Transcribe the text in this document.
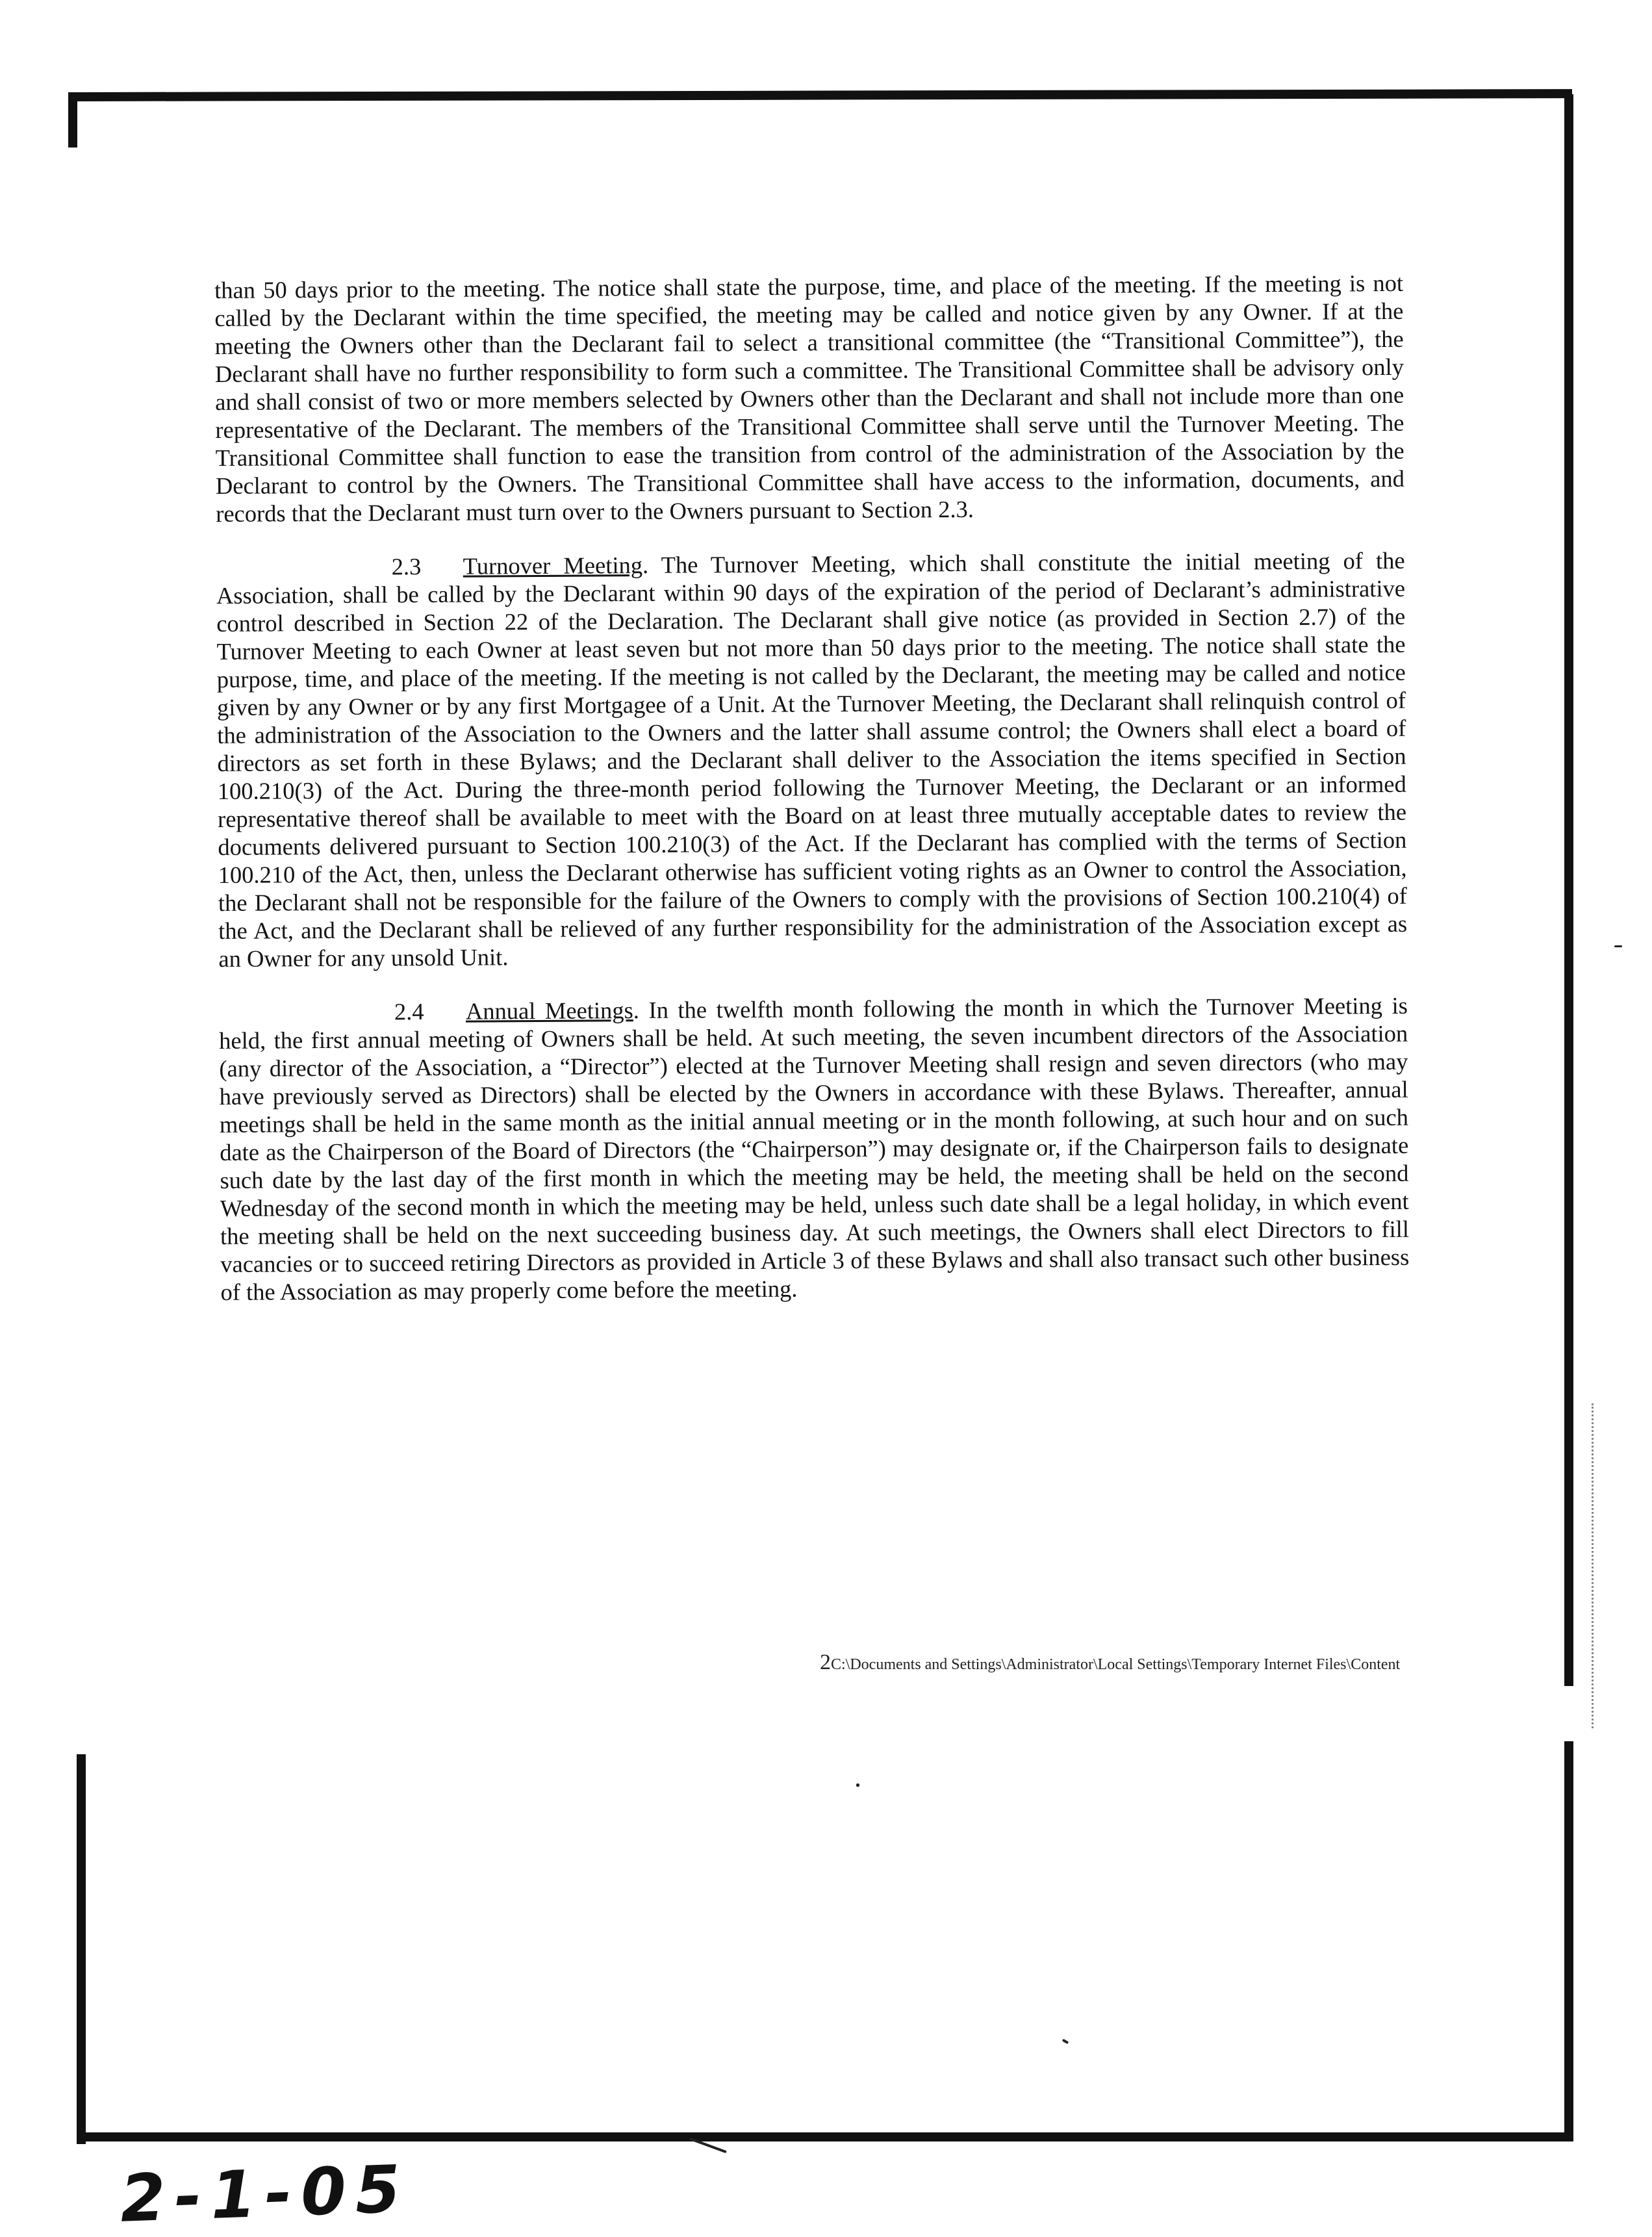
than 50 days prior to the meeting. The notice shall state the purpose, time, and place of the meeting. If the meeting is not called by the Declarant within the time specified, the meeting may be called and notice given by any Owner. If at the meeting the Owners other than the Declarant fail to select a transitional committee (the “Transitional Committee”), the Declarant shall have no further responsibility to form such a committee. The Transitional Committee shall be advisory only and shall consist of two or more members selected by Owners other than the Declarant and shall not include more than one representative of the Declarant. The members of the Transitional Committee shall serve until the Turnover Meeting. The Transitional Committee shall function to ease the transition from control of the administration of the Association by the Declarant to control by the Owners. The Transitional Committee shall have access to the information, documents, and records that the Declarant must turn over to the Owners pursuant to Section 2.3.

2.3 Turnover Meeting. The Turnover Meeting, which shall constitute the initial meeting of the Association, shall be called by the Declarant within 90 days of the expiration of the period of Declarant’s administrative control described in Section 22 of the Declaration. The Declarant shall give notice (as provided in Section 2.7) of the Turnover Meeting to each Owner at least seven but not more than 50 days prior to the meeting. The notice shall state the purpose, time, and place of the meeting. If the meeting is not called by the Declarant, the meeting may be called and notice given by any Owner or by any first Mortgagee of a Unit. At the Turnover Meeting, the Declarant shall relinquish control of the administration of the Association to the Owners and the latter shall assume control; the Owners shall elect a board of directors as set forth in these Bylaws; and the Declarant shall deliver to the Association the items specified in Section 100.210(3) of the Act. During the three-month period following the Turnover Meeting, the Declarant or an informed representative thereof shall be available to meet with the Board on at least three mutually acceptable dates to review the documents delivered pursuant to Section 100.210(3) of the Act. If the Declarant has complied with the terms of Section 100.210 of the Act, then, unless the Declarant otherwise has sufficient voting rights as an Owner to control the Association, the Declarant shall not be responsible for the failure of the Owners to comply with the provisions of Section 100.210(4) of the Act, and the Declarant shall be relieved of any further responsibility for the administration of the Association except as an Owner for any unsold Unit.

2.4 Annual Meetings. In the twelfth month following the month in which the Turnover Meeting is held, the first annual meeting of Owners shall be held. At such meeting, the seven incumbent directors of the Association (any director of the Association, a “Director”) elected at the Turnover Meeting shall resign and seven directors (who may have previously served as Directors) shall be elected by the Owners in accordance with these Bylaws. Thereafter, annual meetings shall be held in the same month as the initial annual meeting or in the month following, at such hour and on such date as the Chairperson of the Board of Directors (the “Chairperson”) may designate or, if the Chairperson fails to designate such date by the last day of the first month in which the meeting may be held, the meeting shall be held on the second Wednesday of the second month in which the meeting may be held, unless such date shall be a legal holiday, in which event the meeting shall be held on the next succeeding business day. At such meetings, the Owners shall elect Directors to fill vacancies or to succeed retiring Directors as provided in Article 3 of these Bylaws and shall also transact such other business of the Association as may properly come before the meeting.

2C:\Documents and Settings\Administrator\Local Settings\Temporary Internet Files\Content
2-1-05
